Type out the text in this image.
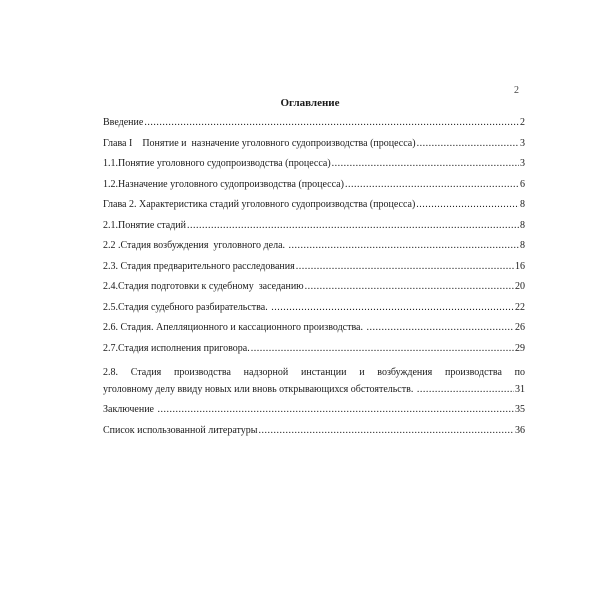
2
Оглавление
Введение .....	2
Глава I    Понятие и  назначение уголовного судопроизводства (процесса) .....	3
1.1.Понятие уголовного судопроизводства (процесса) .....	3
1.2.Назначение уголовного судопроизводства (процесса) .....	6
Глава 2. Характеристика стадий уголовного судопроизводства (процесса) .....	8
2.1.Понятие стадий .....	8
2.2 .Стадия возбуждения  уголовного дела. .....	8
2.3. Стадия предварительного расследования .....	16
2.4.Стадия подготовки к судебному  заседанию .....	20
2.5.Стадия судебного разбирательства. .....	22
2.6. Стадия. Апелляционного и кассационного производства. .....	26
2.7.Стадия исполнения приговора. .....	29
2.8. Стадия производства надзорной инстанции и возбуждения производства по
уголовному делу ввиду новых или вновь открывающихся обстоятельств. .....	31
Заключение .....	35
Список использованной литературы .....	36
